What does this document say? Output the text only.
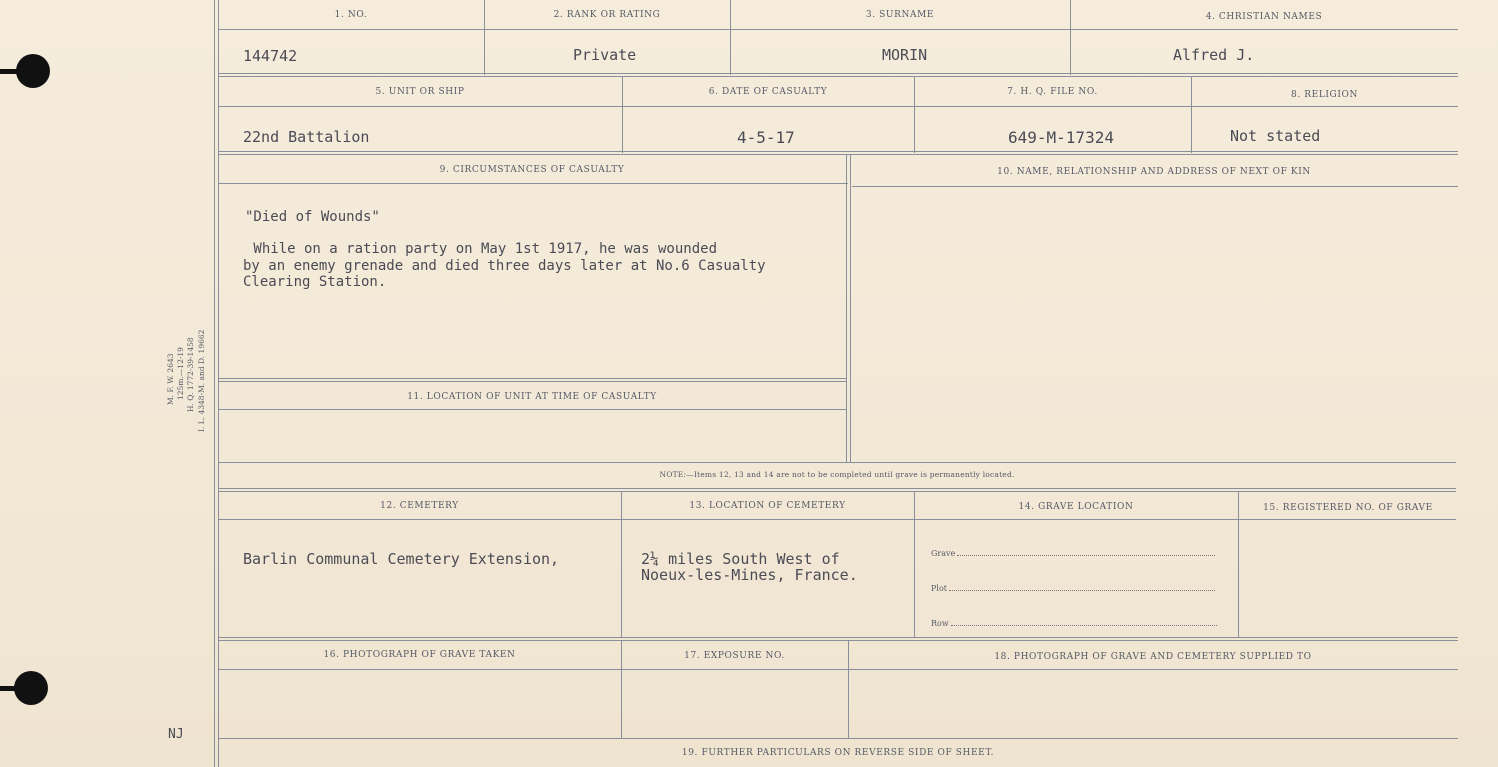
M. F. W. 2643 125m.—12-19 H. Q. 1772-39-1458 I. L. 4348-M. and D. 19662
NJ
1. NO.	2. RANK OR RATING	3. SURNAME	4. CHRISTIAN NAMES
144742	Private	MORIN	Alfred J.
5. UNIT OR SHIP	6. DATE OF CASUALTY	7. H. Q. FILE NO.	8. RELIGION
22nd Battalion	4-5-17	649-M-17324	Not stated
9. CIRCUMSTANCES OF CASUALTY	10. NAME, RELATIONSHIP AND ADDRESS OF NEXT OF KIN
"Died of Wounds"
While on a ration party on May 1st 1917, he was wounded
by an enemy grenade and died three days later at No.6 Casualty
Clearing Station.
11. LOCATION OF UNIT AT TIME OF CASUALTY
NOTE:—Items 12, 13 and 14 are not to be completed until grave is permanently located.
12. CEMETERY	13. LOCATION OF CEMETERY	14. GRAVE LOCATION	15. REGISTERED NO. OF GRAVE
Barlin Communal Cemetery Extension,	2¼ miles South West of
Noeux-les-Mines, France.
Grave
Plot
Row
16. PHOTOGRAPH OF GRAVE TAKEN	17. EXPOSURE NO.	18. PHOTOGRAPH OF GRAVE AND CEMETERY SUPPLIED TO
19. FURTHER PARTICULARS ON REVERSE SIDE OF SHEET.
